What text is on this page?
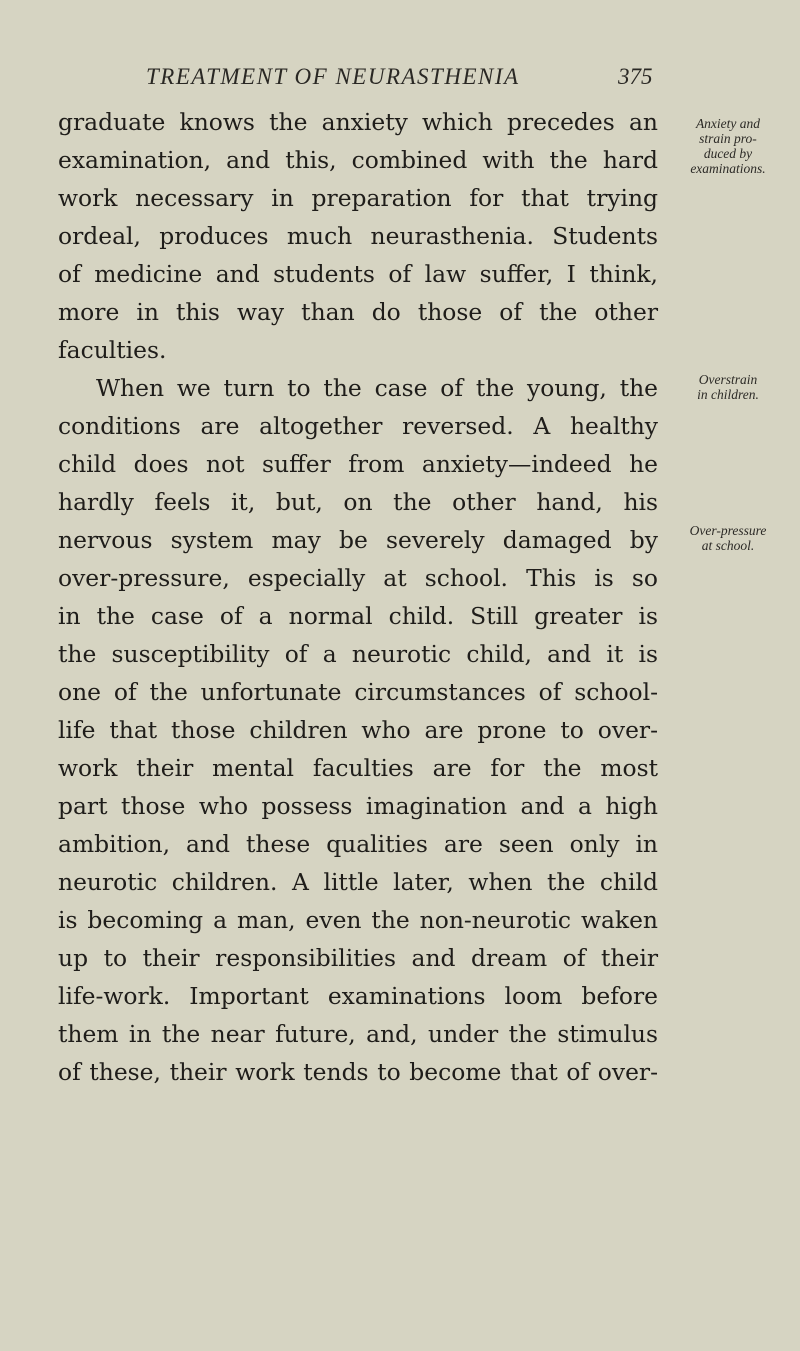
TREATMENT OF NEURASTHENIA	375
graduate knows the anxiety which precedes an
examination, and this, combined with the hard
work necessary in preparation for that trying
ordeal, produces much neurasthenia. Students
of medicine and students of law suffer, I think,
more in this way than do those of the other
faculties.
When we turn to the case of the young, the
conditions are altogether reversed. A healthy
child does not suffer from anxiety—indeed he
hardly feels it, but, on the other hand, his
nervous system may be severely damaged by
over-pressure, especially at school. This is so
in the case of a normal child. Still greater is
the susceptibility of a neurotic child, and it is
one of the unfortunate circumstances of school-
life that those children who are prone to over-
work their mental faculties are for the most
part those who possess imagination and a high
ambition, and these qualities are seen only in
neurotic children. A little later, when the child
is becoming a man, even the non-neurotic waken
up to their responsibilities and dream of their
life-work. Important examinations loom before
them in the near future, and, under the stimulus
of these, their work tends to become that of over-
Anxiety and
strain pro-
duced by
examinations.
Overstrain
in children.
Over-pressure
at school.
